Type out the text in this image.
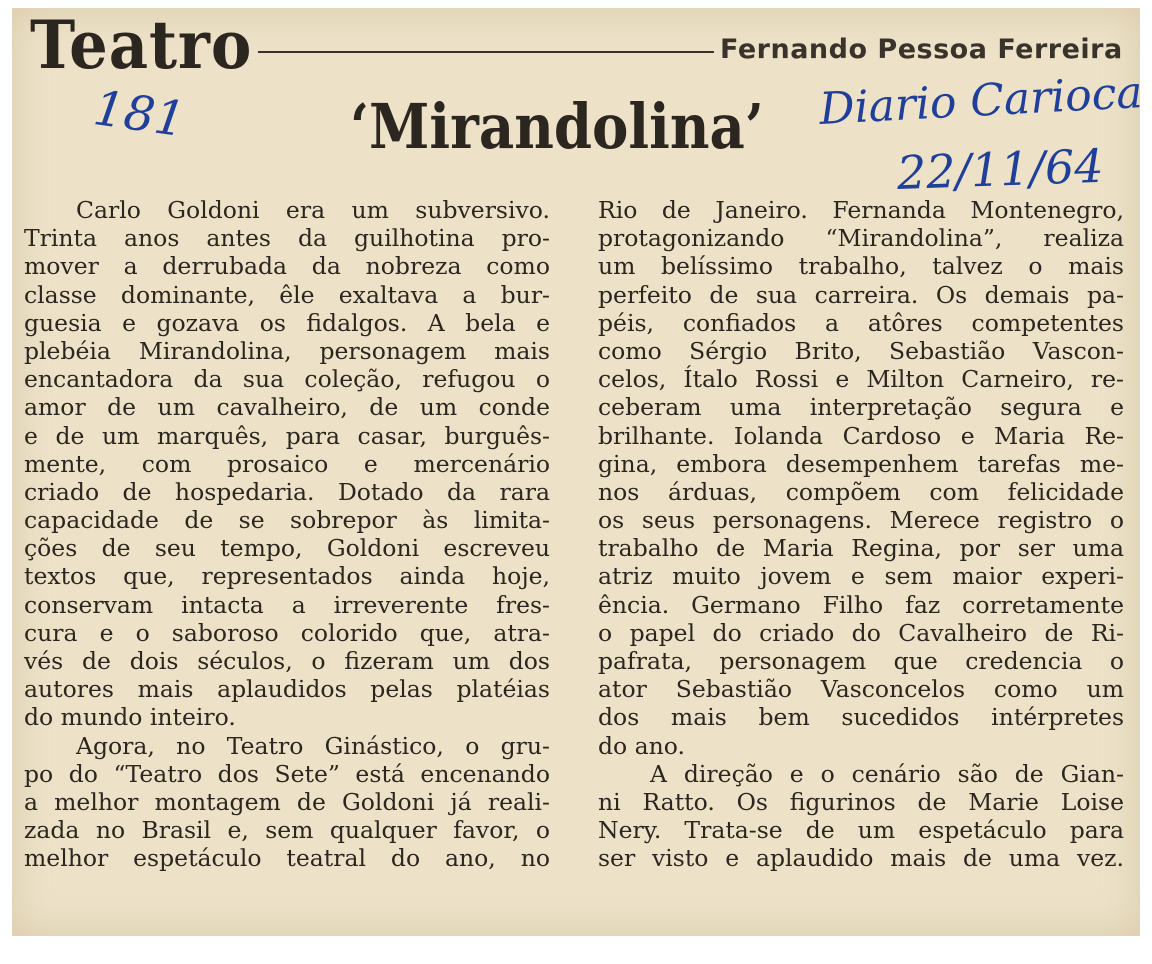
Teatro	Fernando Pessoa Ferreira
‘Mirandolina’
181	Diario Carioca
22/11/64
Carlo Goldoni era um subversivo.
Trinta anos antes da guilhotina pro-
mover a derrubada da nobreza como
classe dominante, êle exaltava a bur-
guesia e gozava os fidalgos. A bela e
plebéia Mirandolina, personagem mais
encantadora da sua coleção, refugou o
amor de um cavalheiro, de um conde
e de um marquês, para casar, burguês-
mente, com prosaico e mercenário
criado de hospedaria. Dotado da rara
capacidade de se sobrepor às limita-
ções de seu tempo, Goldoni escreveu
textos que, representados ainda hoje,
conservam intacta a irreverente fres-
cura e o saboroso colorido que, atra-
vés de dois séculos, o fizeram um dos
autores mais aplaudidos pelas platéias
do mundo inteiro.
Agora, no Teatro Ginástico, o gru-
po do “Teatro dos Sete” está encenando
a melhor montagem de Goldoni já reali-
zada no Brasil e, sem qualquer favor, o
melhor espetáculo teatral do ano, no
Rio de Janeiro. Fernanda Montenegro,
protagonizando “Mirandolina”, realiza
um belíssimo trabalho, talvez o mais
perfeito de sua carreira. Os demais pa-
péis, confiados a atôres competentes
como Sérgio Brito, Sebastião Vascon-
celos, Ítalo Rossi e Milton Carneiro, re-
ceberam uma interpretação segura e
brilhante. Iolanda Cardoso e Maria Re-
gina, embora desempenhem tarefas me-
nos árduas, compõem com felicidade
os seus personagens. Merece registro o
trabalho de Maria Regina, por ser uma
atriz muito jovem e sem maior experi-
ência. Germano Filho faz corretamente
o papel do criado do Cavalheiro de Ri-
pafrata, personagem que credencia o
ator Sebastião Vasconcelos como um
dos mais bem sucedidos intérpretes
do ano.
A direção e o cenário são de Gian-
ni Ratto. Os figurinos de Marie Loise
Nery. Trata-se de um espetáculo para
ser visto e aplaudido mais de uma vez.
